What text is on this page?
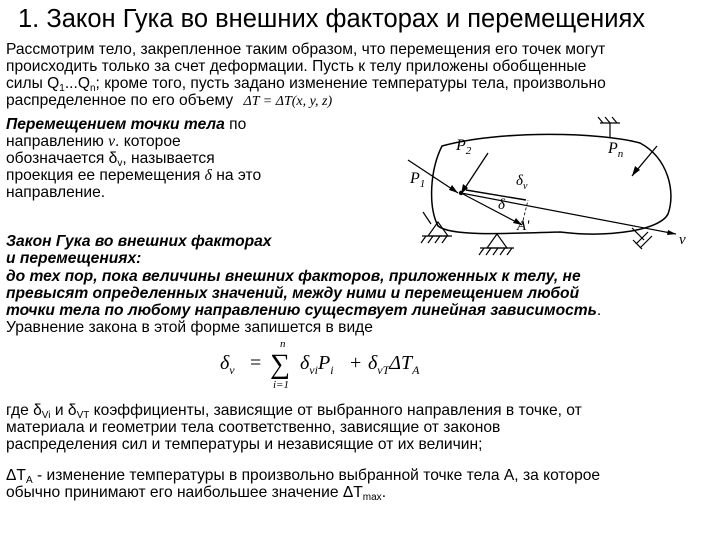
1. Закон Гука во внешних факторах и перемещениях
Рассмотрим тело, закрепленное таким образом, что перемещения его точек могут
происходить только за счет деформации. Пусть к телу приложены обобщенные
силы $Q_1...Q_n$; кроме того, пусть задано изменение температуры тела, произвольно
распределенное по его объему ΔT = ΔT(x, y, z)
Перемещением точки тела по
направлению v. которое
обозначается $\delta_v$, называется
проекция ее перемещения δ на это
направление.
$P_2$	$P_n$
$P_1$	$\delta_v$
δ
A'
v
Закон Гука во внешних факторах
и перемещениях:
до тех пор, пока величины внешних факторов, приложенных к телу, не
превысят определенных значений, между ними и перемещением любой
точки тела по любому направлению существует линейная зависимость.
Уравнение закона в этой форме запишется в виде
$\delta_v$ =
n
∑
i=1
$\delta_{vi}P_i + \delta_{vT}\Delta T_A$
где $\delta_{Vi}$ и $\delta_{VT}$ коэффициенты, зависящие от выбранного направления в точке, от
материала и геометрии тела соответственно, зависящие от законов
распределения сил и температуры и независящие от их величин;
$\Delta T_A$ - изменение температуры в произвольно выбранной точке тела А, за которое
обычно принимают его наибольшее значение $\Delta T_{max}$.
